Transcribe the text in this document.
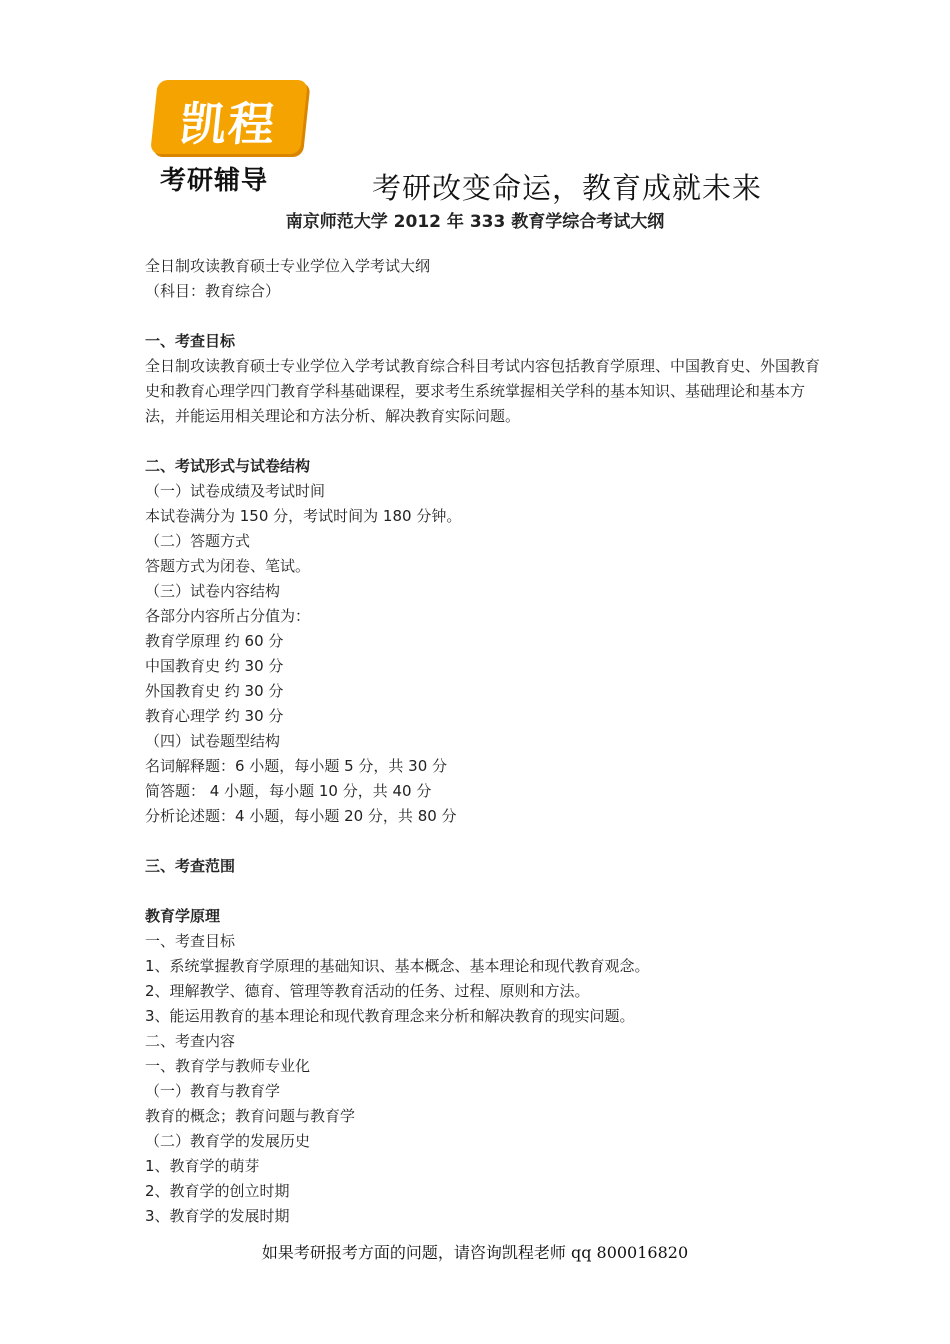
凯程
考研辅导	考研改变命运，教育成就未来
南京师范大学 2012 年 333 教育学综合考试大纲
全日制攻读教育硕士专业学位入学考试大纲
（科目：教育综合）
一、考查目标
全日制攻读教育硕士专业学位入学考试教育综合科目考试内容包括教育学原理、中国教育史、外国教育史和教育心理学四门教育学科基础课程，要求考生系统掌握相关学科的基本知识、基础理论和基本方法，并能运用相关理论和方法分析、解决教育实际问题。
二、考试形式与试卷结构
（一）试卷成绩及考试时间
本试卷满分为 150 分，考试时间为 180 分钟。
（二）答题方式
答题方式为闭卷、笔试。
（三）试卷内容结构
各部分内容所占分值为：
教育学原理 约 60 分
中国教育史 约 30 分
外国教育史 约 30 分
教育心理学 约 30 分
（四）试卷题型结构
名词解释题：6 小题，每小题 5 分，共 30 分
简答题： 4 小题，每小题 10 分，共 40 分
分析论述题：4 小题，每小题 20 分，共 80 分
三、考查范围
教育学原理
一、考查目标
1、系统掌握教育学原理的基础知识、基本概念、基本理论和现代教育观念。
2、理解教学、德育、管理等教育活动的任务、过程、原则和方法。
3、能运用教育的基本理论和现代教育理念来分析和解决教育的现实问题。
二、考查内容
一、教育学与教师专业化
（一）教育与教育学
教育的概念；教育问题与教育学
（二）教育学的发展历史
1、教育学的萌芽
2、教育学的创立时期
3、教育学的发展时期
如果考研报考方面的问题，请咨询凯程老师 qq 800016820
